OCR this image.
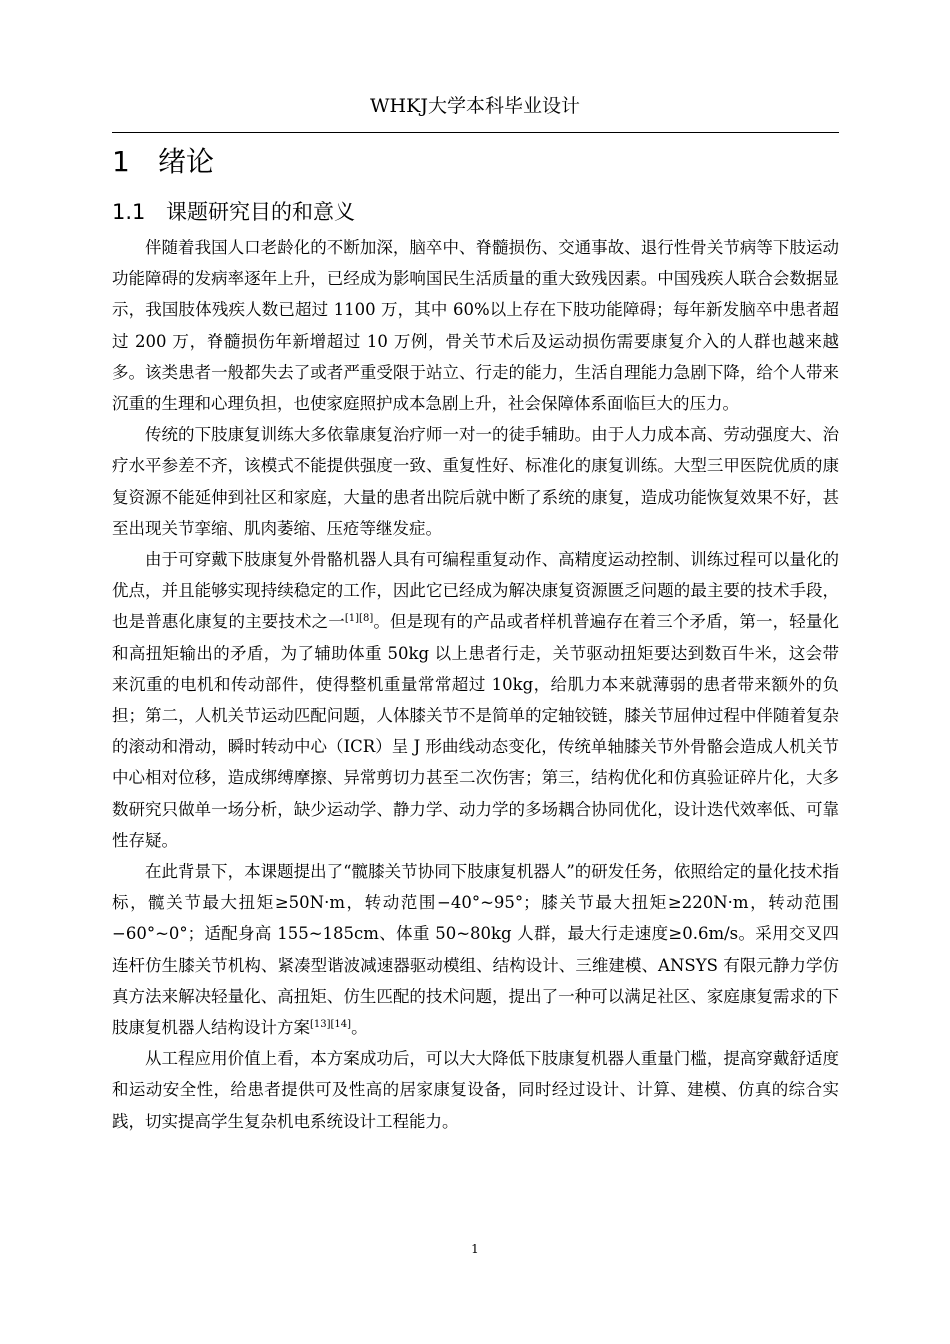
WHKJ大学本科毕业设计
1 绪论
1.1 课题研究目的和意义

伴随着我国人口老龄化的不断加深，脑卒中、脊髓损伤、交通事故、退行性骨关节病等下肢运动功能障碍的发病率逐年上升，已经成为影响国民生活质量的重大致残因素。中国残疾人联合会数据显示，我国肢体残疾人数已超过 1100 万，其中 60%以上存在下肢功能障碍；每年新发脑卒中患者超过 200 万，脊髓损伤年新增超过 10 万例，骨关节术后及运动损伤需要康复介入的人群也越来越多。该类患者一般都失去了或者严重受限于站立、行走的能力，生活自理能力急剧下降，给个人带来沉重的生理和心理负担，也使家庭照护成本急剧上升，社会保障体系面临巨大的压力。

传统的下肢康复训练大多依靠康复治疗师一对一的徒手辅助。由于人力成本高、劳动强度大、治疗水平参差不齐，该模式不能提供强度一致、重复性好、标准化的康复训练。大型三甲医院优质的康复资源不能延伸到社区和家庭，大量的患者出院后就中断了系统的康复，造成功能恢复效果不好，甚至出现关节挛缩、肌肉萎缩、压疮等继发症。

由于可穿戴下肢康复外骨骼机器人具有可编程重复动作、高精度运动控制、训练过程可以量化的优点，并且能够实现持续稳定的工作，因此它已经成为解决康复资源匮乏问题的最主要的技术手段，也是普惠化康复的主要技术之一[1][8]。但是现有的产品或者样机普遍存在着三个矛盾，第一，轻量化和高扭矩输出的矛盾，为了辅助体重 50kg 以上患者行走，关节驱动扭矩要达到数百牛米，这会带来沉重的电机和传动部件，使得整机重量常常超过 10kg，给肌力本来就薄弱的患者带来额外的负担；第二，人机关节运动匹配问题，人体膝关节不是简单的定轴铰链，膝关节屈伸过程中伴随着复杂的滚动和滑动，瞬时转动中心（ICR）呈 J 形曲线动态变化，传统单轴膝关节外骨骼会造成人机关节中心相对位移，造成绑缚摩擦、异常剪切力甚至二次伤害；第三，结构优化和仿真验证碎片化，大多数研究只做单一场分析，缺少运动学、静力学、动力学的多场耦合协同优化，设计迭代效率低、可靠性存疑。

在此背景下，本课题提出了“髋膝关节协同下肢康复机器人”的研发任务，依照给定的量化技术指标，髋关节最大扭矩≥50N·m，转动范围−40°~95°；膝关节最大扭矩≥220N·m，转动范围−60°~0°；适配身高 155~185cm、体重 50~80kg 人群，最大行走速度≥0.6m/s。采用交叉四连杆仿生膝关节机构、紧凑型谐波减速器驱动模组、结构设计、三维建模、ANSYS 有限元静力学仿真方法来解决轻量化、高扭矩、仿生匹配的技术问题，提出了一种可以满足社区、家庭康复需求的下肢康复机器人结构设计方案[13][14]。

从工程应用价值上看，本方案成功后，可以大大降低下肢康复机器人重量门槛，提高穿戴舒适度和运动安全性，给患者提供可及性高的居家康复设备，同时经过设计、计算、建模、仿真的综合实践，切实提高学生复杂机电系统设计工程能力。

1
